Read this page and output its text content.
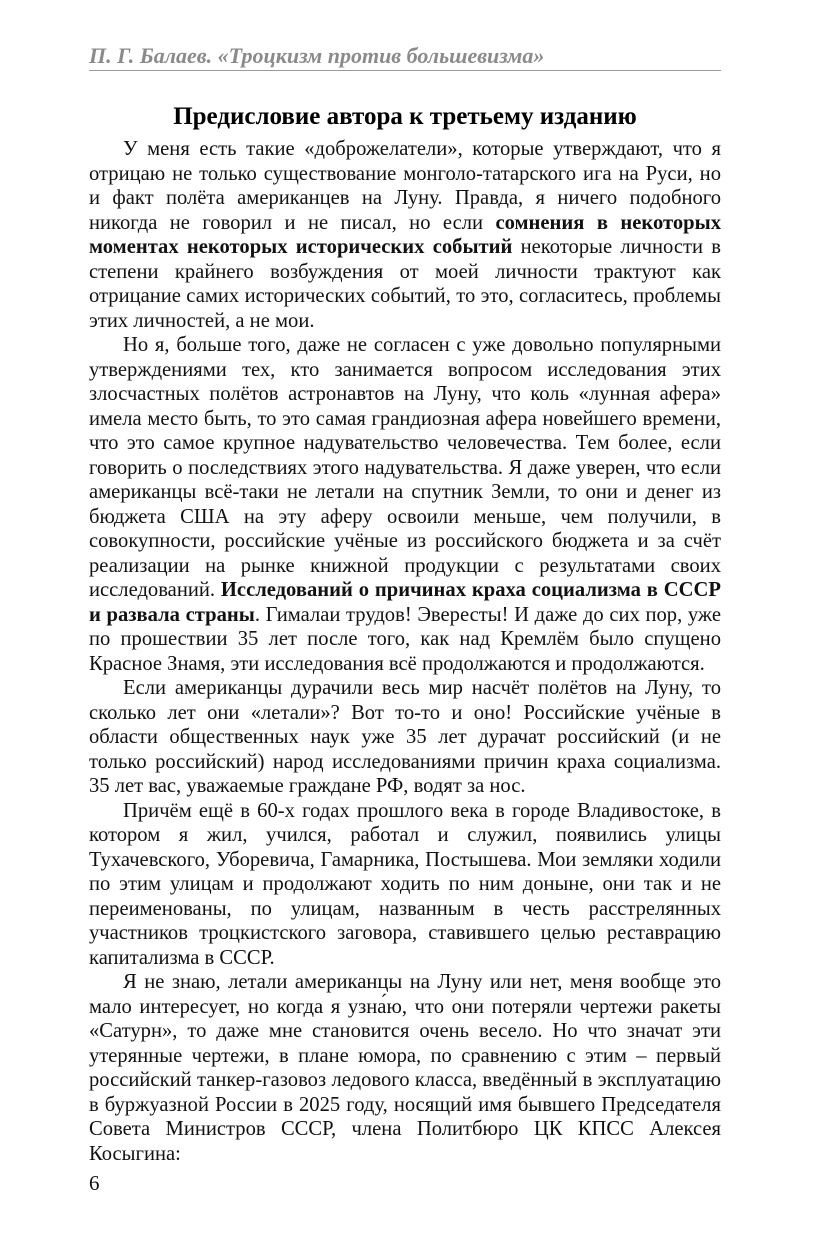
П. Г. Балаев. «Троцкизм против большевизма»
Предисловие автора к третьему изданию

У меня есть такие «доброжелатели», которые утверждают, что я отрицаю не только существование монголо-татарского ига на Руси, но и факт полёта американцев на Луну. Правда, я ничего подобного никогда не говорил и не писал, но если сомнения в некоторых моментах некоторых исторических событий некоторые личности в степени крайнего возбуждения от моей личности трактуют как отрицание самих исторических событий, то это, согласитесь, проблемы этих личностей, а не мои.

Но я, больше того, даже не согласен с уже довольно популярными утверждениями тех, кто занимается вопросом исследования этих злосчастных полётов астронавтов на Луну, что коль «лунная афера» имела место быть, то это самая грандиозная афера новейшего времени, что это самое крупное надувательство человечества. Тем более, если говорить о последствиях этого надувательства. Я даже уверен, что если американцы всё-таки не летали на спутник Земли, то они и денег из бюджета США на эту аферу освоили меньше, чем получили, в совокупности, российские учёные из российского бюджета и за счёт реализации на рынке книжной продукции с результатами своих исследований. Исследований о причинах краха социализма в СССР и развала страны. Гималаи трудов! Эвересты! И даже до сих пор, уже по прошествии 35 лет после того, как над Кремлём было спущено Красное Знамя, эти исследования всё продолжаются и продолжаются.

Если американцы дурачили весь мир насчёт полётов на Луну, то сколько лет они «летали»? Вот то-то и оно! Российские учёные в области общественных наук уже 35 лет дурачат российский (и не только российский) народ исследованиями причин краха социализма. 35 лет вас, уважаемые граждане РФ, водят за нос.

Причём ещё в 60-х годах прошлого века в городе Владивостоке, в котором я жил, учился, работал и служил, появились улицы Тухачевского, Уборевича, Гамарника, Постышева. Мои земляки ходили по этим улицам и продолжают ходить по ним доныне, они так и не переименованы, по улицам, названным в честь расстрелянных участников троцкистского заговора, ставившего целью реставрацию капитализма в СССР.

Я не знаю, летали американцы на Луну или нет, меня вообще это мало интересует, но когда я узна́ю, что они потеряли чертежи ракеты «Сатурн», то даже мне становится очень весело. Но что значат эти утерянные чертежи, в плане юмора, по сравнению с этим – первый российский танкер-газовоз ледового класса, введённый в эксплуатацию в буржуазной России в 2025 году, носящий имя бывшего Председателя Совета Министров СССР, члена Политбюро ЦК КПСС Алексея Косыгина:

6
